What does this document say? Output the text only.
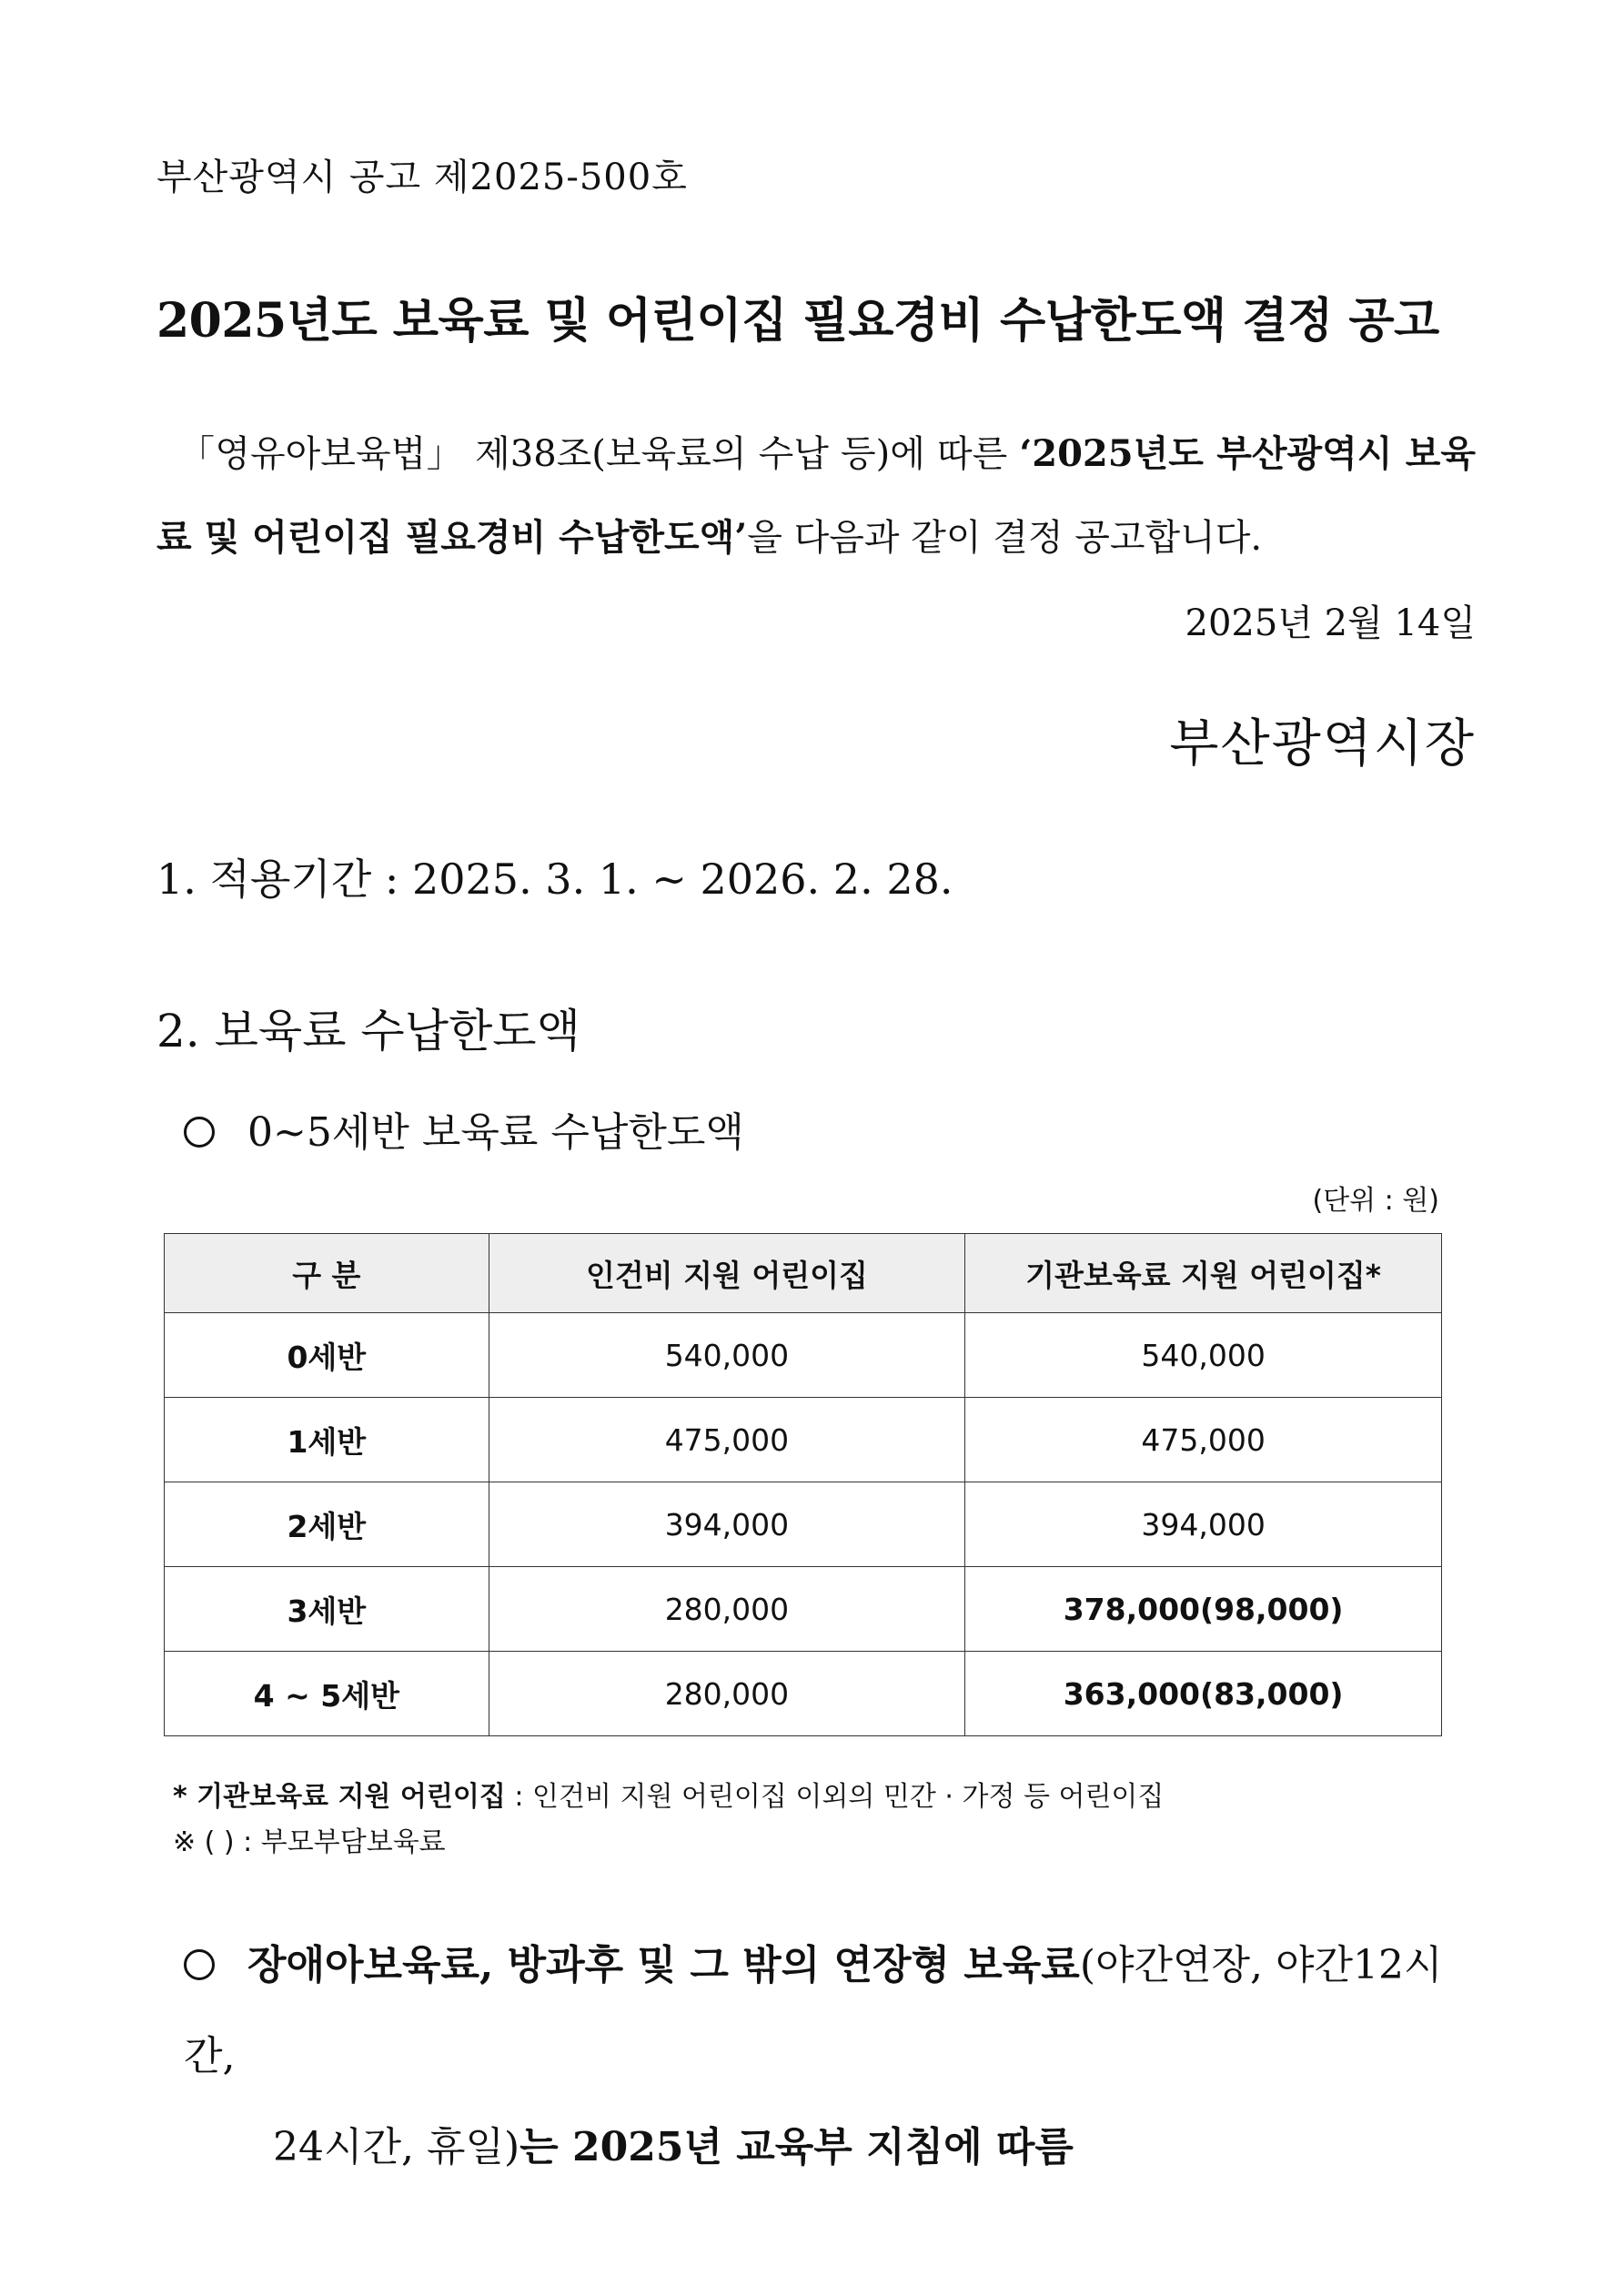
부산광역시 공고 제2025-500호
2025년도 보육료 및 어린이집 필요경비 수납한도액 결정 공고
「영유아보육법」 제38조(보육료의 수납 등)에 따른 ‘2025년도 부산광역시 보육료 및 어린이집 필요경비 수납한도액’을 다음과 같이 결정 공고합니다.
2025년 2월 14일
부산광역시장
1. 적용기간 : 2025. 3. 1. ~ 2026. 2. 28.
2. 보육료 수납한도액
0~5세반 보육료 수납한도액
(단위 : 원)
구 분	인건비 지원 어린이집	기관보육료 지원 어린이집*
0세반	540,000	540,000
1세반	475,000	475,000
2세반	394,000	394,000
3세반	280,000	378,000(98,000)
4 ~ 5세반	280,000	363,000(83,000)
* 기관보육료 지원 어린이집 : 인건비 지원 어린이집 이외의 민간 · 가정 등 어린이집
※ ( ) : 부모부담보육료
장애아보육료, 방과후 및 그 밖의 연장형 보육료(야간연장, 야간12시간,
24시간, 휴일)는 2025년 교육부 지침에 따름
